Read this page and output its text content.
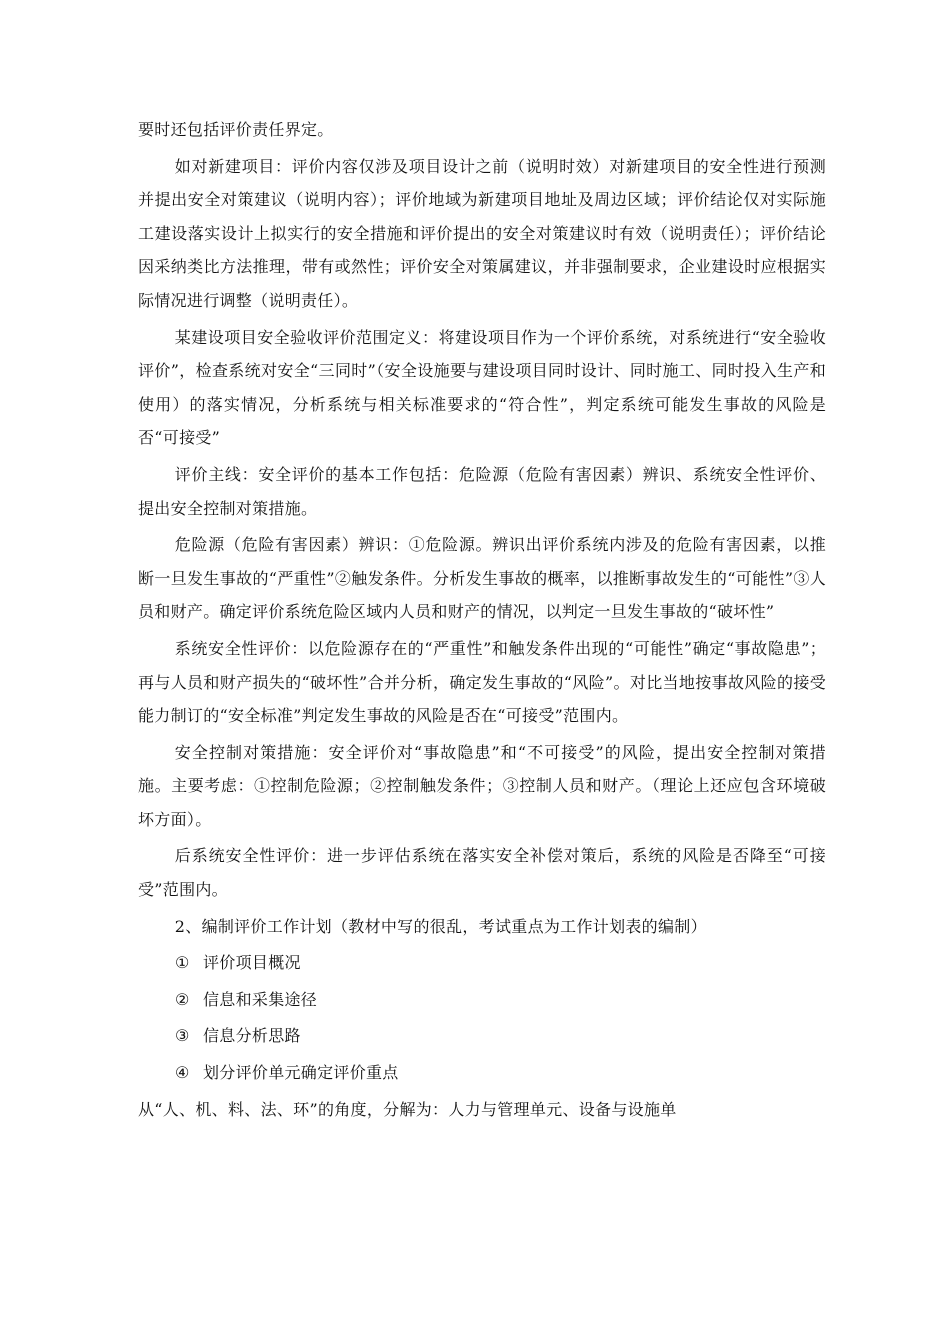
要时还包括评价责任界定。

如对新建项目：评价内容仅涉及项目设计之前（说明时效）对新建项目的安全性进行预测并提出安全对策建议（说明内容）；评价地域为新建项目地址及周边区域；评价结论仅对实际施工建设落实设计上拟实行的安全措施和评价提出的安全对策建议时有效（说明责任）；评价结论因采纳类比方法推理，带有或然性；评价安全对策属建议，并非强制要求，企业建设时应根据实际情况进行调整（说明责任）。

某建设项目安全验收评价范围定义：将建设项目作为一个评价系统，对系统进行“安全验收评价”，检查系统对安全“三同时”（安全设施要与建设项目同时设计、同时施工、同时投入生产和使用）的落实情况，分析系统与相关标准要求的“符合性”，判定系统可能发生事故的风险是否“可接受”

评价主线：安全评价的基本工作包括：危险源（危险有害因素）辨识、系统安全性评价、提出安全控制对策措施。

危险源（危险有害因素）辨识：①危险源。辨识出评价系统内涉及的危险有害因素，以推断一旦发生事故的“严重性”②触发条件。分析发生事故的概率，以推断事故发生的“可能性”③人员和财产。确定评价系统危险区域内人员和财产的情况，以判定一旦发生事故的“破坏性”

系统安全性评价：以危险源存在的“严重性”和触发条件出现的“可能性”确定“事故隐患”；再与人员和财产损失的“破坏性”合并分析，确定发生事故的“风险”。对比当地按事故风险的接受能力制订的“安全标准”判定发生事故的风险是否在“可接受”范围内。

安全控制对策措施：安全评价对“事故隐患”和“不可接受”的风险，提出安全控制对策措施。主要考虑：①控制危险源；②控制触发条件；③控制人员和财产。（理论上还应包含环境破坏方面）。

后系统安全性评价：进一步评估系统在落实安全补偿对策后，系统的风险是否降至“可接受”范围内。

2、编制评价工作计划（教材中写的很乱，考试重点为工作计划表的编制）

① 评价项目概况
② 信息和采集途径
③ 信息分析思路
④ 划分评价单元确定评价重点

从“人、机、料、法、环”的角度，分解为：人力与管理单元、设备与设施单
